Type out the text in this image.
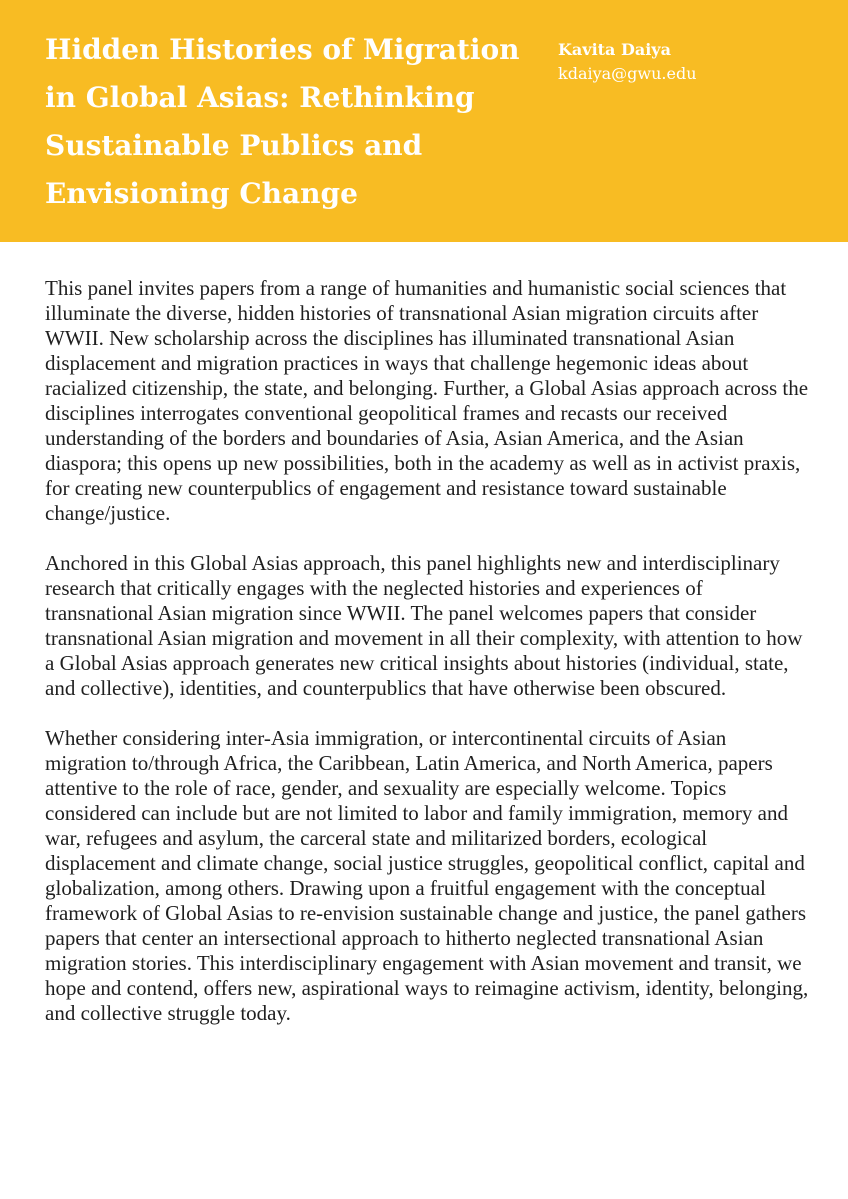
Hidden Histories of Migration in Global Asias: Rethinking Sustainable Publics and Envisioning Change
Kavita Daiya
kdaiya@gwu.edu

This panel invites papers from a range of humanities and humanistic social sciences that illuminate the diverse, hidden histories of transnational Asian migration circuits after WWII. New scholarship across the disciplines has illuminated transnational Asian displacement and migration practices in ways that challenge hegemonic ideas about racialized citizenship, the state, and belonging. Further, a Global Asias approach across the disciplines interrogates conventional geopolitical frames and recasts our received understanding of the borders and boundaries of Asia, Asian America, and the Asian diaspora; this opens up new possibilities, both in the academy as well as in activist praxis, for creating new counterpublics of engagement and resistance toward sustainable change/justice.

Anchored in this Global Asias approach, this panel highlights new and interdisciplinary research that critically engages with the neglected histories and experiences of transnational Asian migration since WWII. The panel welcomes papers that consider transnational Asian migration and movement in all their complexity, with attention to how a Global Asias approach generates new critical insights about histories (individual, state, and collective), identities, and counterpublics that have otherwise been obscured.

Whether considering inter-Asia immigration, or intercontinental circuits of Asian migration to/through Africa, the Caribbean, Latin America, and North America, papers attentive to the role of race, gender, and sexuality are especially welcome. Topics considered can include but are not limited to labor and family immigration, memory and war, refugees and asylum, the carceral state and militarized borders, ecological displacement and climate change, social justice struggles, geopolitical conflict, capital and globalization, among others. Drawing upon a fruitful engagement with the conceptual framework of Global Asias to re-envision sustainable change and justice, the panel gathers papers that center an intersectional approach to hitherto neglected transnational Asian migration stories. This interdisciplinary engagement with Asian movement and transit, we hope and contend, offers new, aspirational ways to reimagine activism, identity, belonging, and collective struggle today.
